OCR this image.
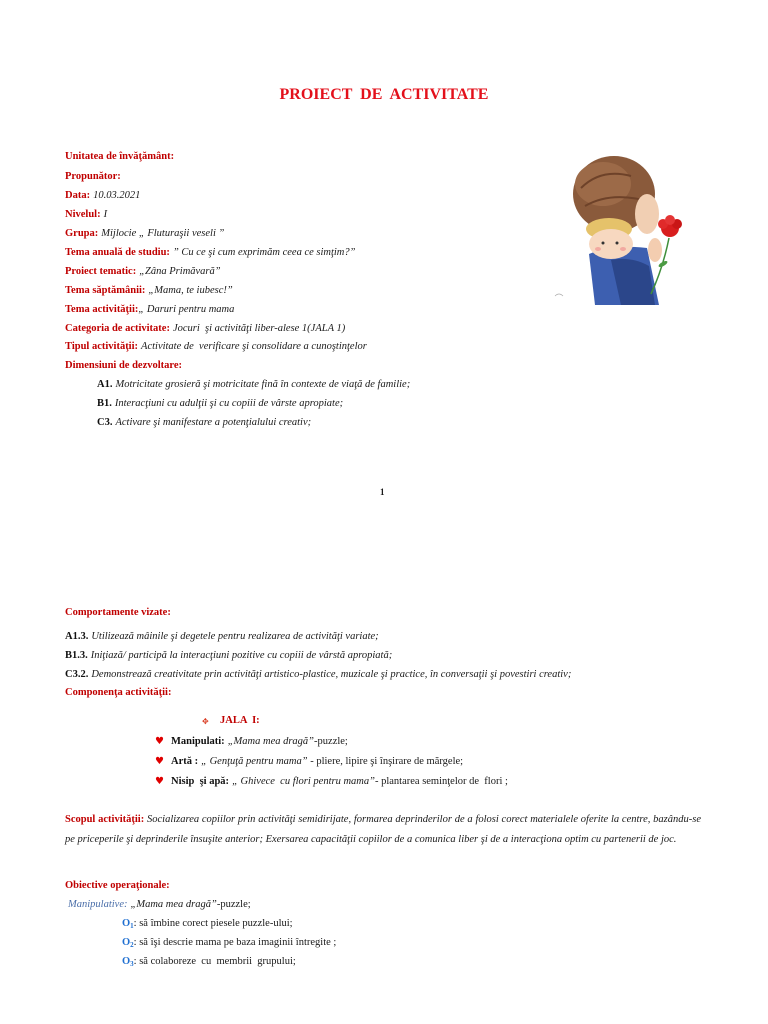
PROIECT  DE  ACTIVITATE
Unitatea de învăţământ:
Propunător:
Data: 10.03.2021
Nivelul: I
Grupa: Mijlocie „ Fluturaşii veseli ”
Tema anuală de studiu: ” Cu ce şi cum exprimăm ceea ce simţim?”
Proiect tematic: „Zâna Primăvară”
Tema săptămânii: „Mama, te iubesc!”
Tema activităţii:„ Daruri pentru mama
Categoria de activitate: Jocuri  şi activităţi liber-alese 1(JALA 1)
Tipul activităţii: Activitate de  verificare şi consolidare a cunoştinţelor
Dimensiuni de dezvoltare:
A1. Motricitate grosieră şi motricitate fină în contexte de viaţă de familie;
B1. Interacţiuni cu adulţii şi cu copiii de vârste apropiate;
C3. Activare şi manifestare a potenţialului creativ;
1
Comportamente vizate:
A1.3. Utilizează mâinile şi degetele pentru realizarea de activităţi variate;
B1.3. Iniţiază/ participă la interacţiuni pozitive cu copiii de vârstă apropiată;
C3.2. Demonstrează creativitate prin activităţi artistico-plastice, muzicale şi practice, în conversaţii şi povestiri creativ;
Componenţa activităţii:
✥ JALA  I:
♥ Manipulati: „Mama mea dragă”-puzzle;
♥ Artă : „ Genţuţă pentru mama” - pliere, lipire şi înşirare de mărgele;
♥ Nisip  şi apă: „ Ghivece  cu flori pentru mama”- plantarea seminţelor de  flori ;
Scopul activităţii: Socializarea copiilor prin activităţi semidirijate, formarea deprinderilor de a folosi corect materialele oferite la centre, bazându-se pe priceperile şi deprinderile însuşite anterior; Exersarea capacităţii copiilor de a comunica liber şi de a interacţiona optim cu partenerii de joc.
Obiective operaţionale:
Manipulative: „Mama mea dragă”-puzzle;
$O_1$: să îmbine corect piesele puzzle-ului;
$O_2$: să îşi descrie mama pe baza imaginii întregite ;
$O_3$: să colaboreze  cu  membrii  grupului;
